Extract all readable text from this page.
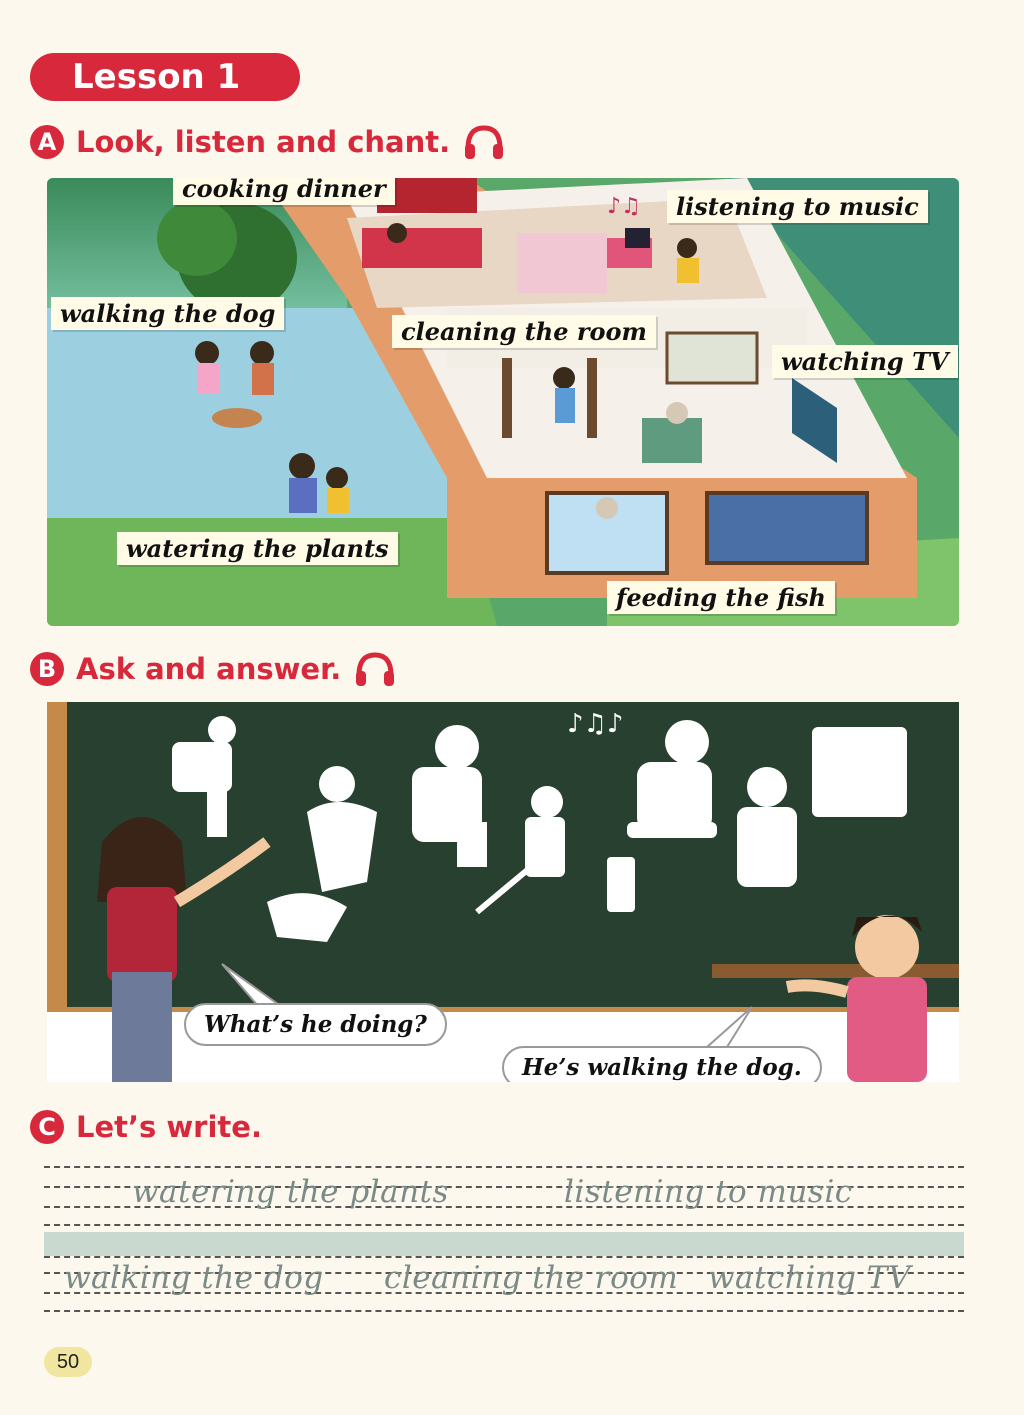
Lesson 1
A Look, listen and chant.
♪♫
cooking dinner
listening to music
walking the dog
cleaning the room
watching TV
watering the plants
feeding the fish
B Ask and answer.
♪♫♪
What’s he doing?
He’s walking the dog.
C Let’s write.
watering the plants	listening to music
walking the dog cleaning the room watching TV
50
